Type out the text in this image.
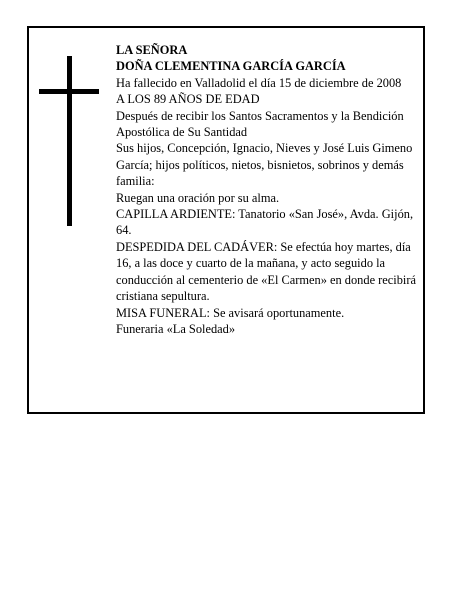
LA SEÑORA

DOÑA CLEMENTINA GARCÍA GARCÍA

Ha fallecido en Valladolid el día 15 de diciembre de 2008

A LOS 89 AÑOS DE EDAD

Después de recibir los Santos Sacramentos y la Bendición Apostólica de Su Santidad

Sus hijos, Concepción, Ignacio, Nieves y José Luis Gimeno García; hijos políticos, nietos, bisnietos, sobrinos y demás familia:

Ruegan una oración por su alma.

CAPILLA ARDIENTE: Tanatorio «San José», Avda. Gijón, 64.

DESPEDIDA DEL CADÁVER: Se efectúa hoy martes, día 16, a las doce y cuarto de la mañana, y acto seguido la conducción al cementerio de «El Carmen» en donde recibirá cristiana sepultura.

MISA FUNERAL: Se avisará oportunamente.

Funeraria «La Soledad»
